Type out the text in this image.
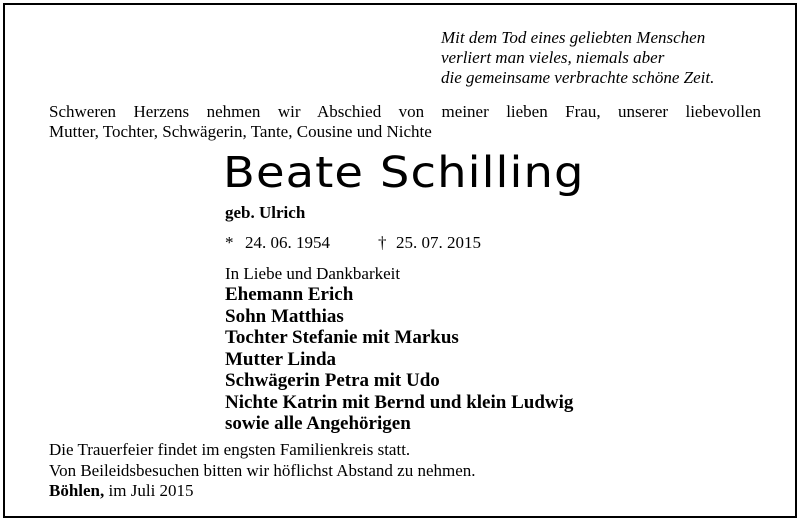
Mit dem Tod eines geliebten Menschen
verliert man vieles, niemals aber
die gemeinsame verbrachte schöne Zeit.
Schweren Herzens nehmen wir Abschied von meiner lieben Frau, unserer liebevollen
Mutter, Tochter, Schwägerin, Tante, Cousine und Nichte
Beate Schilling
geb. Ulrich
* 24. 06. 1954	† 25. 07. 2015
In Liebe und Dankbarkeit
Ehemann Erich
Sohn Matthias
Tochter Stefanie mit Markus
Mutter Linda
Schwägerin Petra mit Udo
Nichte Katrin mit Bernd und klein Ludwig
sowie alle Angehörigen
Die Trauerfeier findet im engsten Familienkreis statt.
Von Beileidsbesuchen bitten wir höflichst Abstand zu nehmen.
Böhlen, im Juli 2015
